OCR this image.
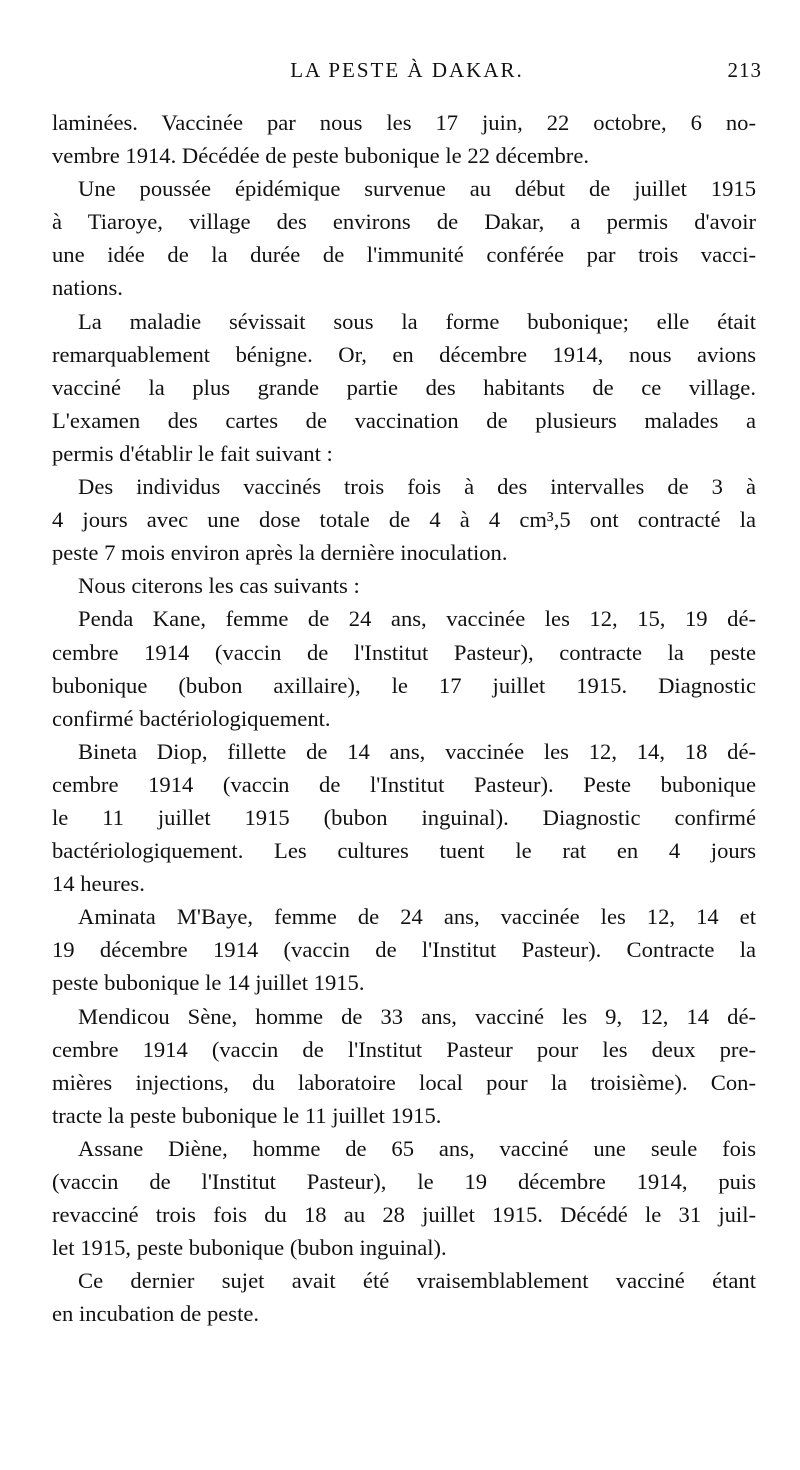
LA PESTE À DAKAR.	213
laminées. Vaccinée par nous les 17 juin, 22 octobre, 6 no-
vembre 1914. Décédée de peste bubonique le 22 décembre.
Une poussée épidémique survenue au début de juillet 1915
à Tiaroye, village des environs de Dakar, a permis d'avoir
une idée de la durée de l'immunité conférée par trois vacci-
nations.
La maladie sévissait sous la forme bubonique; elle était
remarquablement bénigne. Or, en décembre 1914, nous avions
vacciné la plus grande partie des habitants de ce village.
L'examen des cartes de vaccination de plusieurs malades a
permis d'établir le fait suivant :
Des individus vaccinés trois fois à des intervalles de 3 à
4 jours avec une dose totale de 4 à 4 cm³,5 ont contracté la
peste 7 mois environ après la dernière inoculation.
Nous citerons les cas suivants :
Penda Kane, femme de 24 ans, vaccinée les 12, 15, 19 dé-
cembre 1914 (vaccin de l'Institut Pasteur), contracte la peste
bubonique (bubon axillaire), le 17 juillet 1915. Diagnostic
confirmé bactériologiquement.
Bineta Diop, fillette de 14 ans, vaccinée les 12, 14, 18 dé-
cembre 1914 (vaccin de l'Institut Pasteur). Peste bubonique
le 11 juillet 1915 (bubon inguinal). Diagnostic confirmé
bactériologiquement. Les cultures tuent le rat en 4 jours
14 heures.
Aminata M'Baye, femme de 24 ans, vaccinée les 12, 14 et
19 décembre 1914 (vaccin de l'Institut Pasteur). Contracte la
peste bubonique le 14 juillet 1915.
Mendicou Sène, homme de 33 ans, vacciné les 9, 12, 14 dé-
cembre 1914 (vaccin de l'Institut Pasteur pour les deux pre-
mières injections, du laboratoire local pour la troisième). Con-
tracte la peste bubonique le 11 juillet 1915.
Assane Diène, homme de 65 ans, vacciné une seule fois
(vaccin de l'Institut Pasteur), le 19 décembre 1914, puis
revacciné trois fois du 18 au 28 juillet 1915. Décédé le 31 juil-
let 1915, peste bubonique (bubon inguinal).
Ce dernier sujet avait été vraisemblablement vacciné étant
en incubation de peste.
